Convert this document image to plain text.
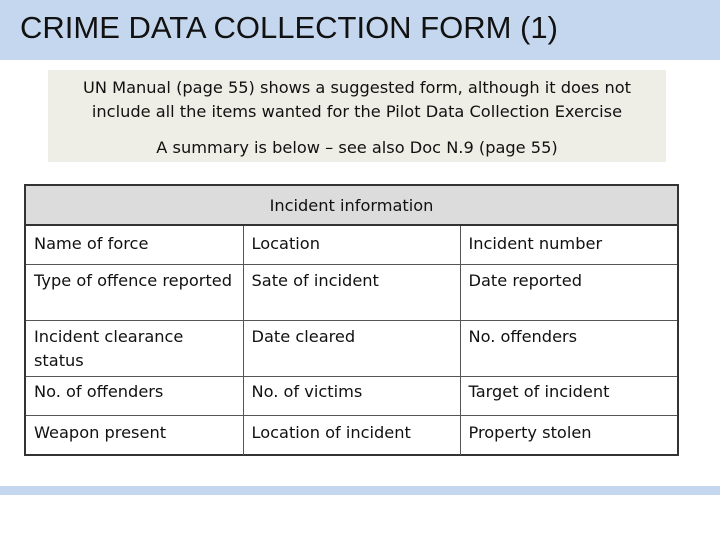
CRIME DATA COLLECTION FORM (1)
UN Manual (page 55) shows a suggested form, although it does not
include all the items wanted for the Pilot Data Collection Exercise
A summary is below – see also Doc N.9 (page 55)
Incident information		
Name of force	Location	Incident number
Type of offence reported	Sate of incident	Date reported
Incident clearance status	Date cleared	No. offenders
No. of offenders	No. of victims	Target of incident
Weapon present	Location of incident	Property stolen
